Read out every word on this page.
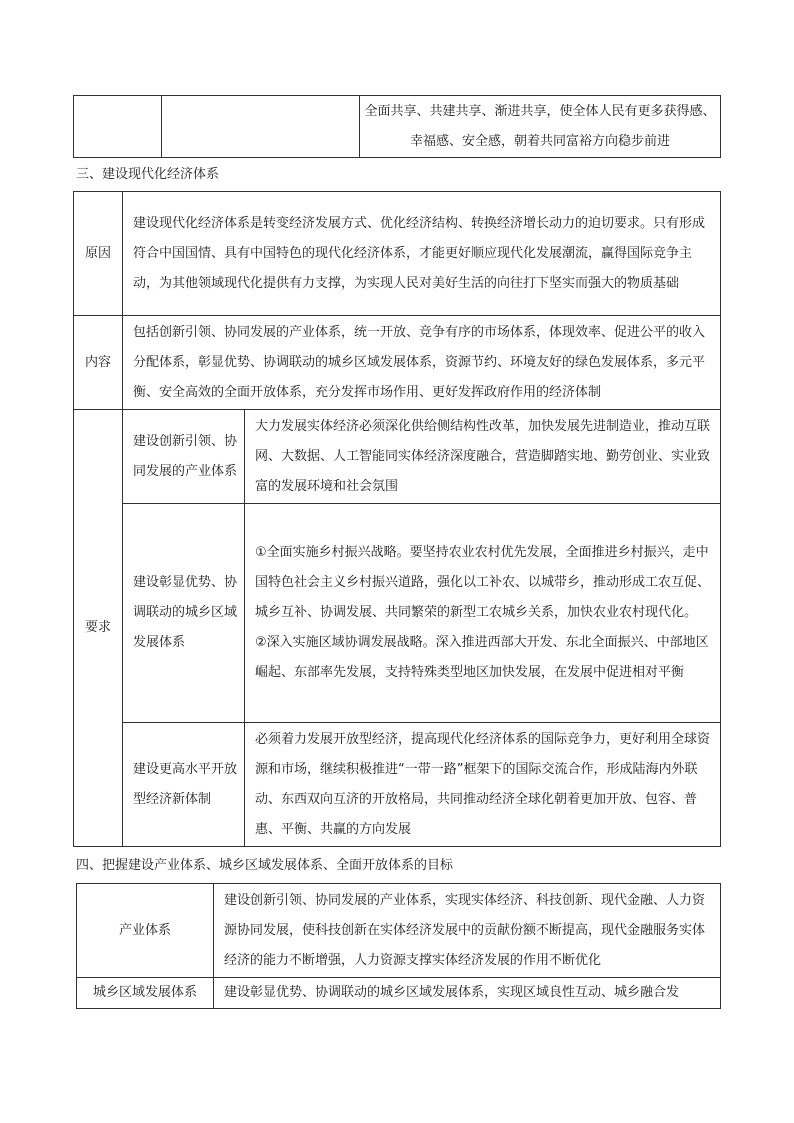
		全面共享、共建共享、渐进共享，使全体人民有更多获得感、幸福感、安全感，朝着共同富裕方向稳步前进
三、建设现代化经济体系
原因	建设现代化经济体系是转变经济发展方式、优化经济结构、转换经济增长动力的迫切要求。只有形成符合中国国情、具有中国特色的现代化经济体系，才能更好顺应现代化发展潮流，赢得国际竞争主动，为其他领域现代化提供有力支撑，为实现人民对美好生活的向往打下坚实而强大的物质基础	
内容	包括创新引领、协同发展的产业体系，统一开放、竞争有序的市场体系，体现效率、促进公平的收入分配体系，彰显优势、协调联动的城乡区域发展体系，资源节约、环境友好的绿色发展体系，多元平衡、安全高效的全面开放体系，充分发挥市场作用、更好发挥政府作用的经济体制	
要求	建设创新引领、协同发展的产业体系	大力发展实体经济必须深化供给侧结构性改革，加快发展先进制造业，推动互联网、大数据、人工智能同实体经济深度融合，营造脚踏实地、勤劳创业、实业致富的发展环境和社会氛围
	建设彰显优势、协调联动的城乡区域发展体系	①全面实施乡村振兴战略。要坚持农业农村优先发展，全面推进乡村振兴，走中国特色社会主义乡村振兴道路，强化以工补农、以城带乡，推动形成工农互促、城乡互补、协调发展、共同繁荣的新型工农城乡关系，加快农业农村现代化。
②深入实施区域协调发展战略。深入推进西部大开发、东北全面振兴、中部地区崛起、东部率先发展，支持特殊类型地区加快发展，在发展中促进相对平衡

	建设更高水平开放型经济新体制	必须着力发展开放型经济，提高现代化经济体系的国际竞争力，更好利用全球资源和市场，继续积极推进“一带一路”框架下的国际交流合作，形成陆海内外联动、东西双向互济的开放格局，共同推动经济全球化朝着更加开放、包容、普惠、平衡、共赢的方向发展
四、把握建设产业体系、城乡区域发展体系、全面开放体系的目标
产业体系	建设创新引领、协同发展的产业体系，实现实体经济、科技创新、现代金融、人力资源协同发展，使科技创新在实体经济发展中的贡献份额不断提高，现代金融服务实体经济的能力不断增强，人力资源支撑实体经济发展的作用不断优化
城乡区域发展体系	建设彰显优势、协调联动的城乡区域发展体系，实现区域良性互动、城乡融合发
